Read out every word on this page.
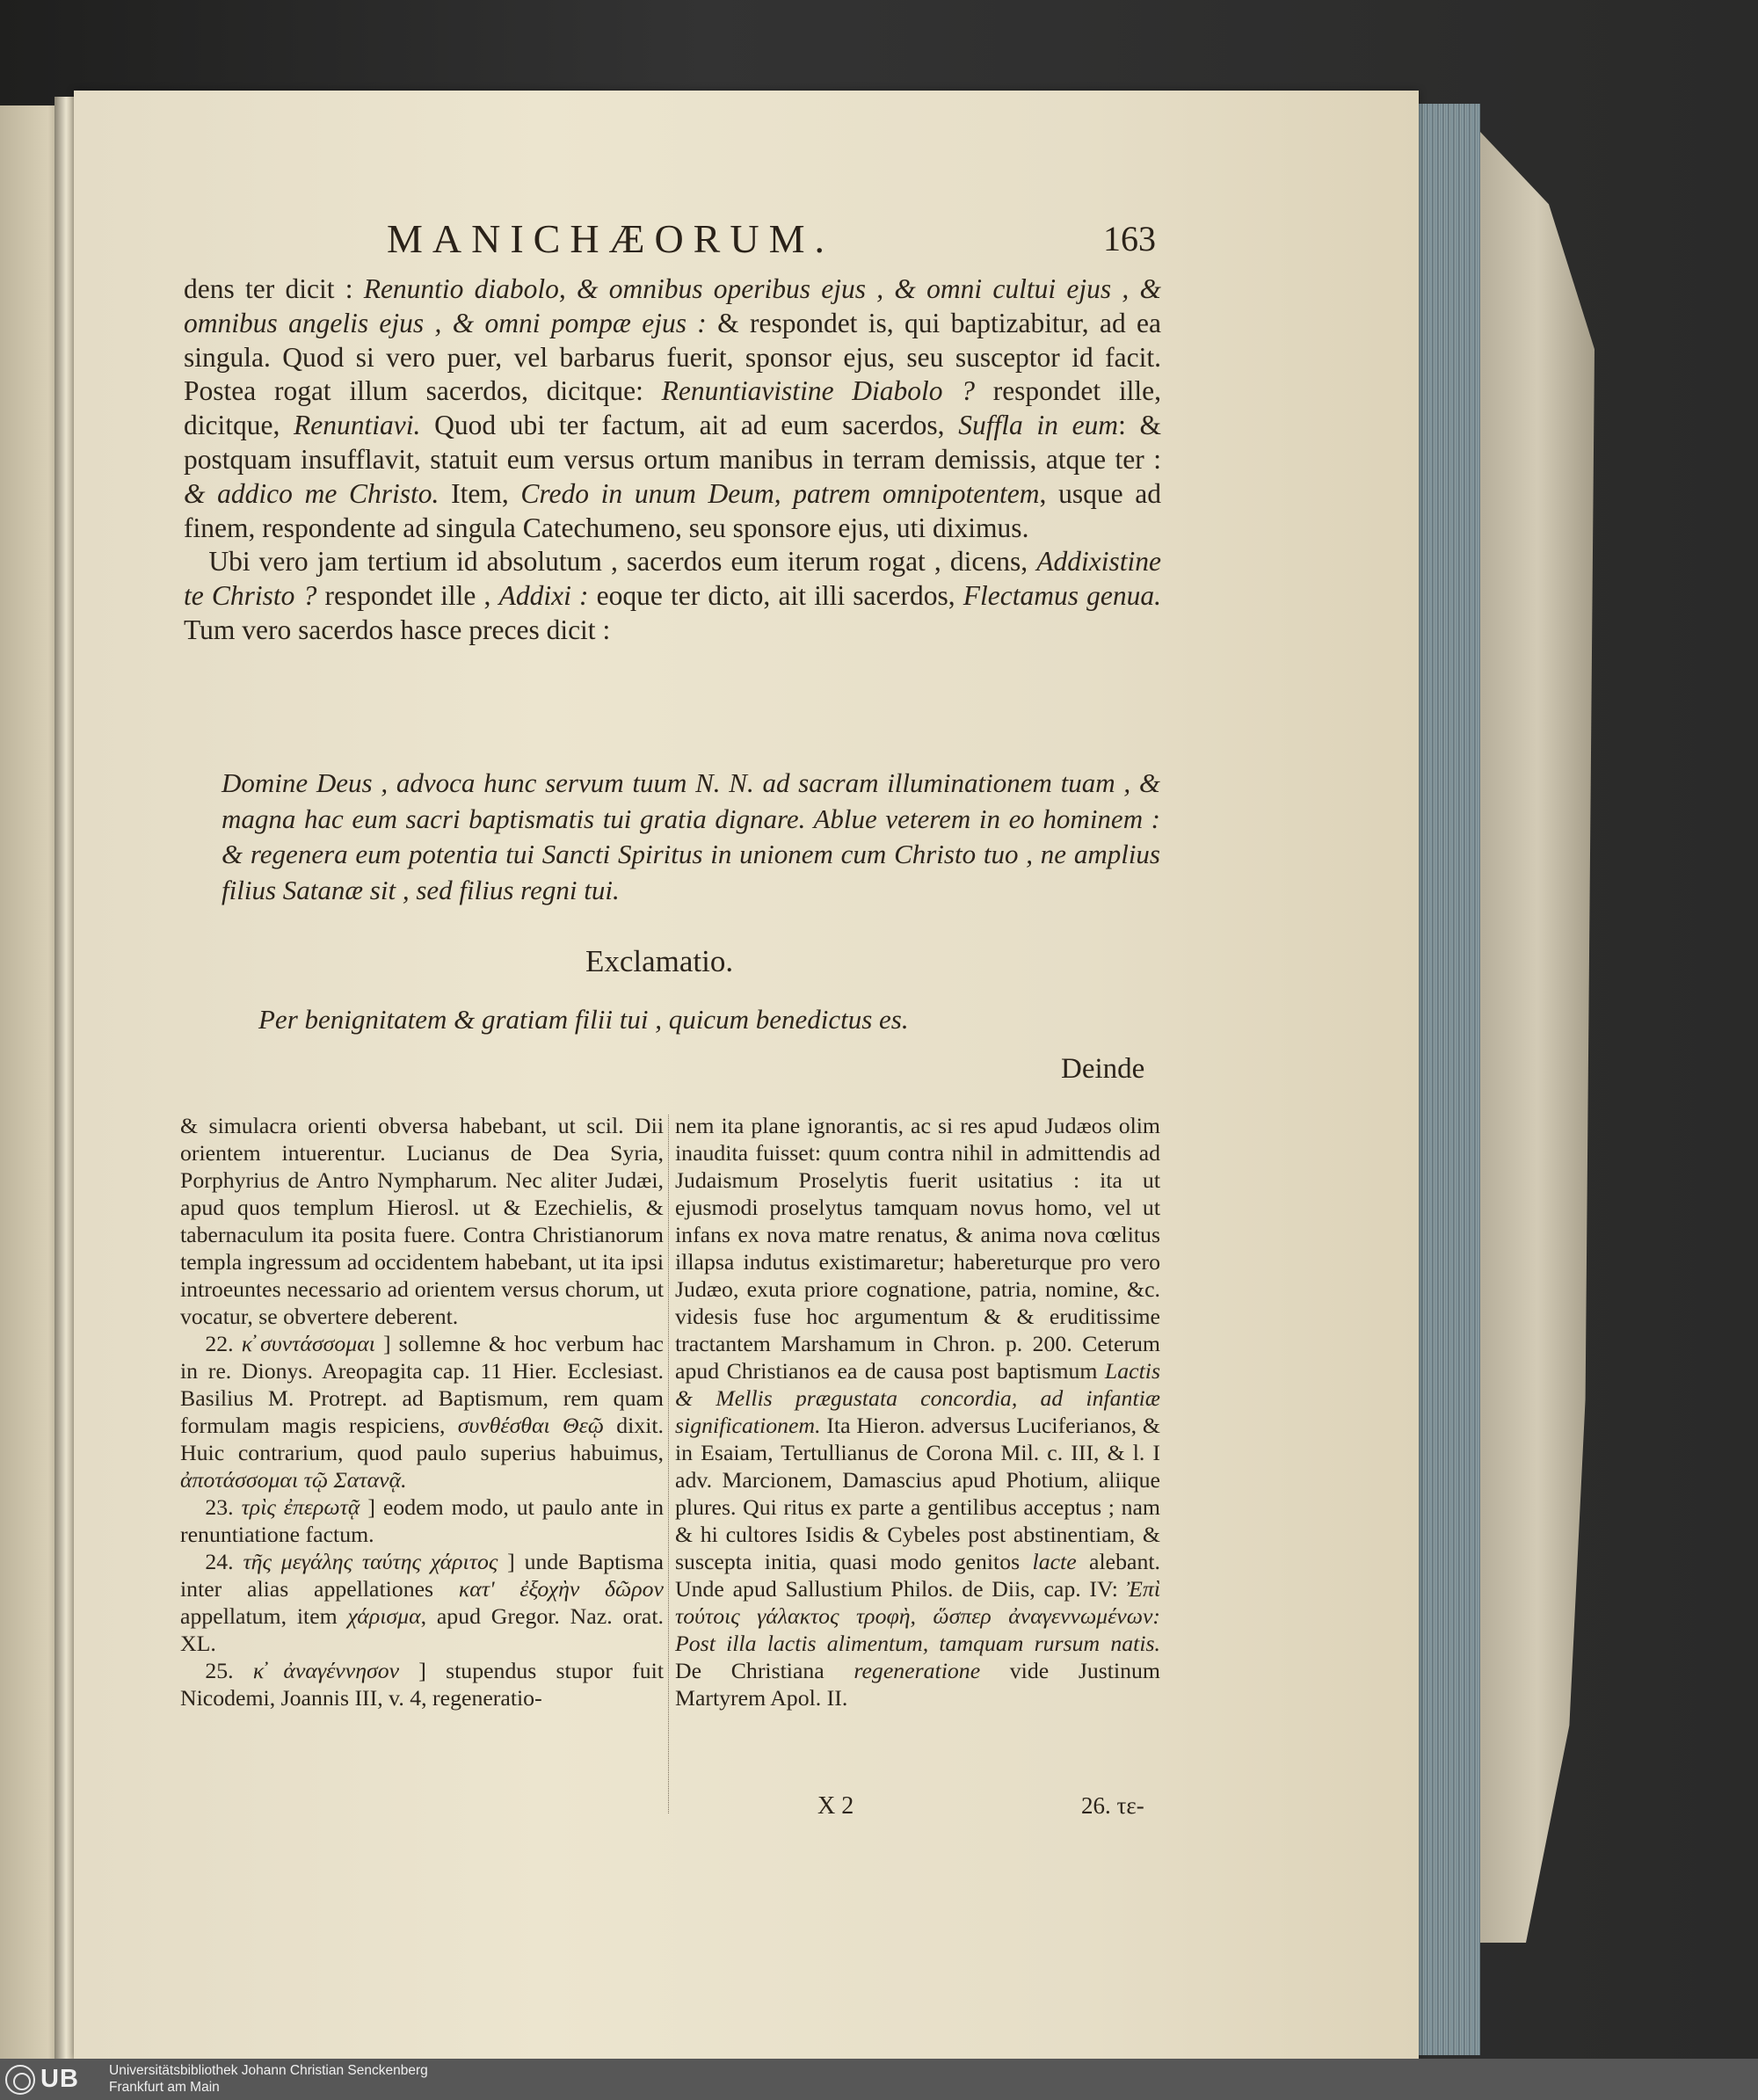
MANICHÆORUM.	163

dens ter dicit : Renuntio diabolo, & omnibus operibus ejus , & omni cultui ejus , & omnibus angelis ejus , & omni pompæ ejus : & respondet is, qui baptizabitur, ad ea singula. Quod si vero puer, vel barbarus fuerit, sponsor ejus, seu susceptor id facit. Postea rogat illum sacerdos, dicitque: Renuntiavistine Diabolo ? respondet ille, dicitque, Renuntiavi. Quod ubi ter factum, ait ad eum sacerdos, Suffla in eum: & postquam insufflavit, statuit eum versus ortum manibus in terram demissis, atque ter : & addico me Christo. Item, Credo in unum Deum, patrem omnipotentem, usque ad finem, respondente ad singula Catechumeno, seu sponsore ejus, uti diximus.

Ubi vero jam tertium id absolutum , sacerdos eum iterum rogat , dicens, Addixistine te Christo ? respondet ille , Addixi : eoque ter dicto, ait illi sacerdos, Flectamus genua. Tum vero sacerdos hasce preces dicit :

Domine Deus , advoca hunc servum tuum N. N. ad sacram illuminationem tuam , & magna hac eum sacri baptismatis tui gratia dignare. Ablue veterem in eo hominem : & regenera eum potentia tui Sancti Spiritus in unionem cum Christo tuo , ne amplius filius Satanæ sit , sed filius regni tui.
Exclamatio.
Per benignitatem & gratiam filii tui , quicum benedictus es.
Deinde

& simulacra orienti obversa habebant, ut scil. Dii orientem intuerentur. Lucianus de Dea Syria, Porphyrius de Antro Nympharum. Nec aliter Judæi, apud quos templum Hierosl. ut & Ezechielis, & tabernaculum ita posita fuere. Contra Christianorum templa ingressum ad occidentem habebant, ut ita ipsi introeuntes necessario ad orientem versus chorum, ut vocatur, se obvertere deberent.

22. κ̓ συντάσσομαι ] sollemne & hoc verbum hac in re. Dionys. Areopagita cap. 11 Hier. Ecclesiast. Basilius M. Protrept. ad Baptismum, rem quam formulam magis respiciens, συνθέσθαι Θεῷ dixit. Huic contrarium, quod paulo superius habuimus, ἀποτάσσομαι τῷ Σατανᾷ.

23. τρὶς ἐπερωτᾷ ] eodem modo, ut paulo ante in renuntiatione factum.

24. τῆς μεγάλης ταύτης χάριτος ] unde Baptisma inter alias appellationes κατ' ἐξοχὴν δῶρον appellatum, item χάρισμα, apud Gregor. Naz. orat. XL.

25. κ̓ ἀναγέννησον ] stupendus stupor fuit Nicodemi, Joannis III, v. 4, regeneratio-

nem ita plane ignorantis, ac si res apud Judæos olim inaudita fuisset: quum contra nihil in admittendis ad Judaismum Proselytis fuerit usitatius : ita ut ejusmodi proselytus tamquam novus homo, vel ut infans ex nova matre renatus, & anima nova cœlitus illapsa indutus existimaretur; habereturque pro vero Judæo, exuta priore cognatione, patria, nomine, &c. videsis fuse hoc argumentum & & eruditissime tractantem Marshamum in Chron. p. 200. Ceterum apud Christianos ea de causa post baptismum Lactis & Mellis prægustata concordia, ad infantiæ significationem. Ita Hieron. adversus Luciferianos, & in Esaiam, Tertullianus de Corona Mil. c. III, & l. I adv. Marcionem, Damascius apud Photium, aliique plures. Qui ritus ex parte a gentilibus acceptus ; nam & hi cultores Isidis & Cybeles post abstinentiam, & suscepta initia, quasi modo genitos lacte alebant. Unde apud Sallustium Philos. de Diis, cap. IV: Ἐπὶ τούτοις γάλακτος τροφὴ, ὥσπερ ἀναγεννωμένων: Post illa lactis alimentum, tamquam rursum natis. De Christiana regeneratione vide Justinum Martyrem Apol. II.

X 2	26. τε-
UB Universitätsbibliothek Johann Christian Senckenberg
Frankfurt am Main
